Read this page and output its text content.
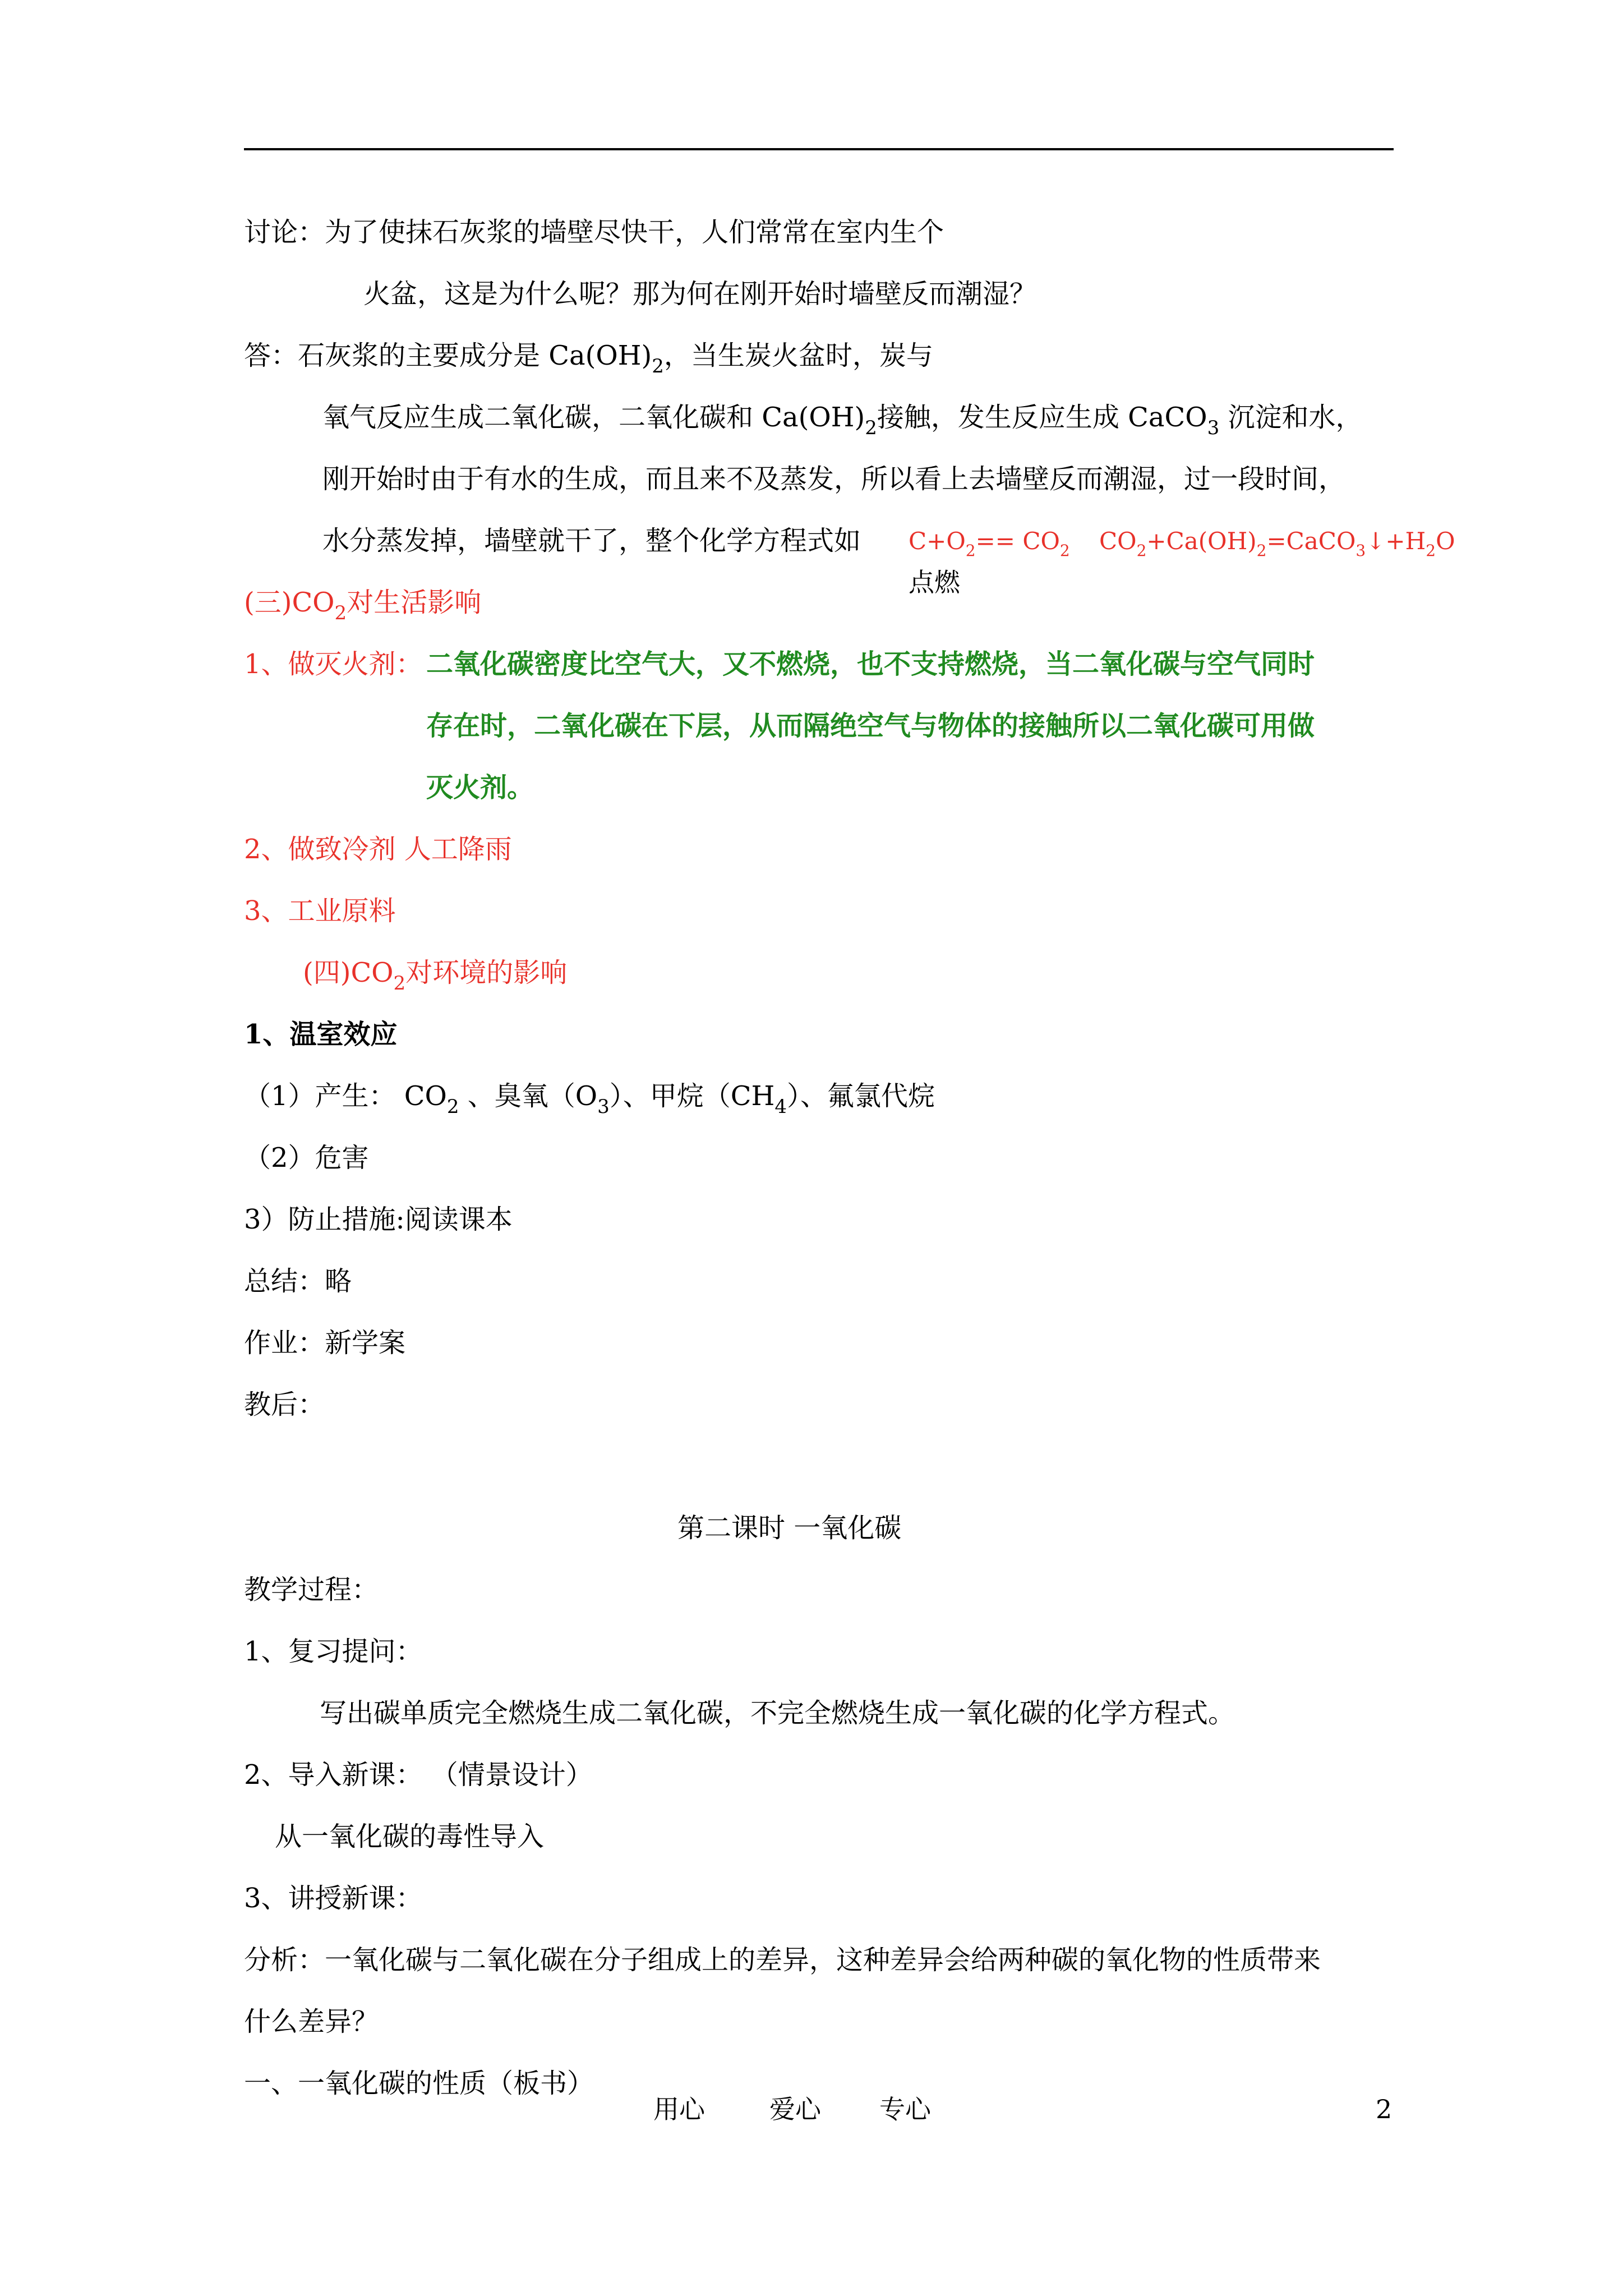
讨论：为了使抹石灰浆的墙壁尽快干，人们常常在室内生个
火盆，这是为什么呢？那为何在刚开始时墙壁反而潮湿？
答：石灰浆的主要成分是 $Ca(OH)_2$，当生炭火盆时，炭与
氧气反应生成二氧化碳，二氧化碳和 $Ca(OH)_2$接触，发生反应生成 CaCO$_3$ 沉淀和水，
刚开始时由于有水的生成，而且来不及蒸发，所以看上去墙壁反而潮湿，过一段时间，
水分蒸发掉，墙壁就干了，整个化学方程式如 $C+O_2== CO_2$
点燃
$CO_2+Ca(OH)_2=CaCO_3↓+H_2O$
(三)$CO_2$对生活影响
1、做灭火剂： 二氧化碳密度比空气大，又不燃烧，也不支持燃烧，当二氧化碳与空气同时
存在时，二氧化碳在下层，从而隔绝空气与物体的接触所以二氧化碳可用做
灭火剂。
2、做致冷剂 人工降雨
3、工业原料
(四)$CO_2$对环境的影响
1、温室效应
（1）产生： $CO_2$ 、臭氧$(O_3)$、甲烷$(CH_4)$、氟氯代烷
（2）危害
3）防止措施:阅读课本
总结：略
作业：新学案
教后：
第二课时 一氧化碳
教学过程：
1、复习提问：
写出碳单质完全燃烧生成二氧化碳，不完全燃烧生成一氧化碳的化学方程式。
2、导入新课： （情景设计）
从一氧化碳的毒性导入
3、讲授新课：
分析：一氧化碳与二氧化碳在分子组成上的差异，这种差异会给两种碳的氧化物的性质带来
什么差异？
一、一氧化碳的性质（板书）
用心	爱心 专心	2
